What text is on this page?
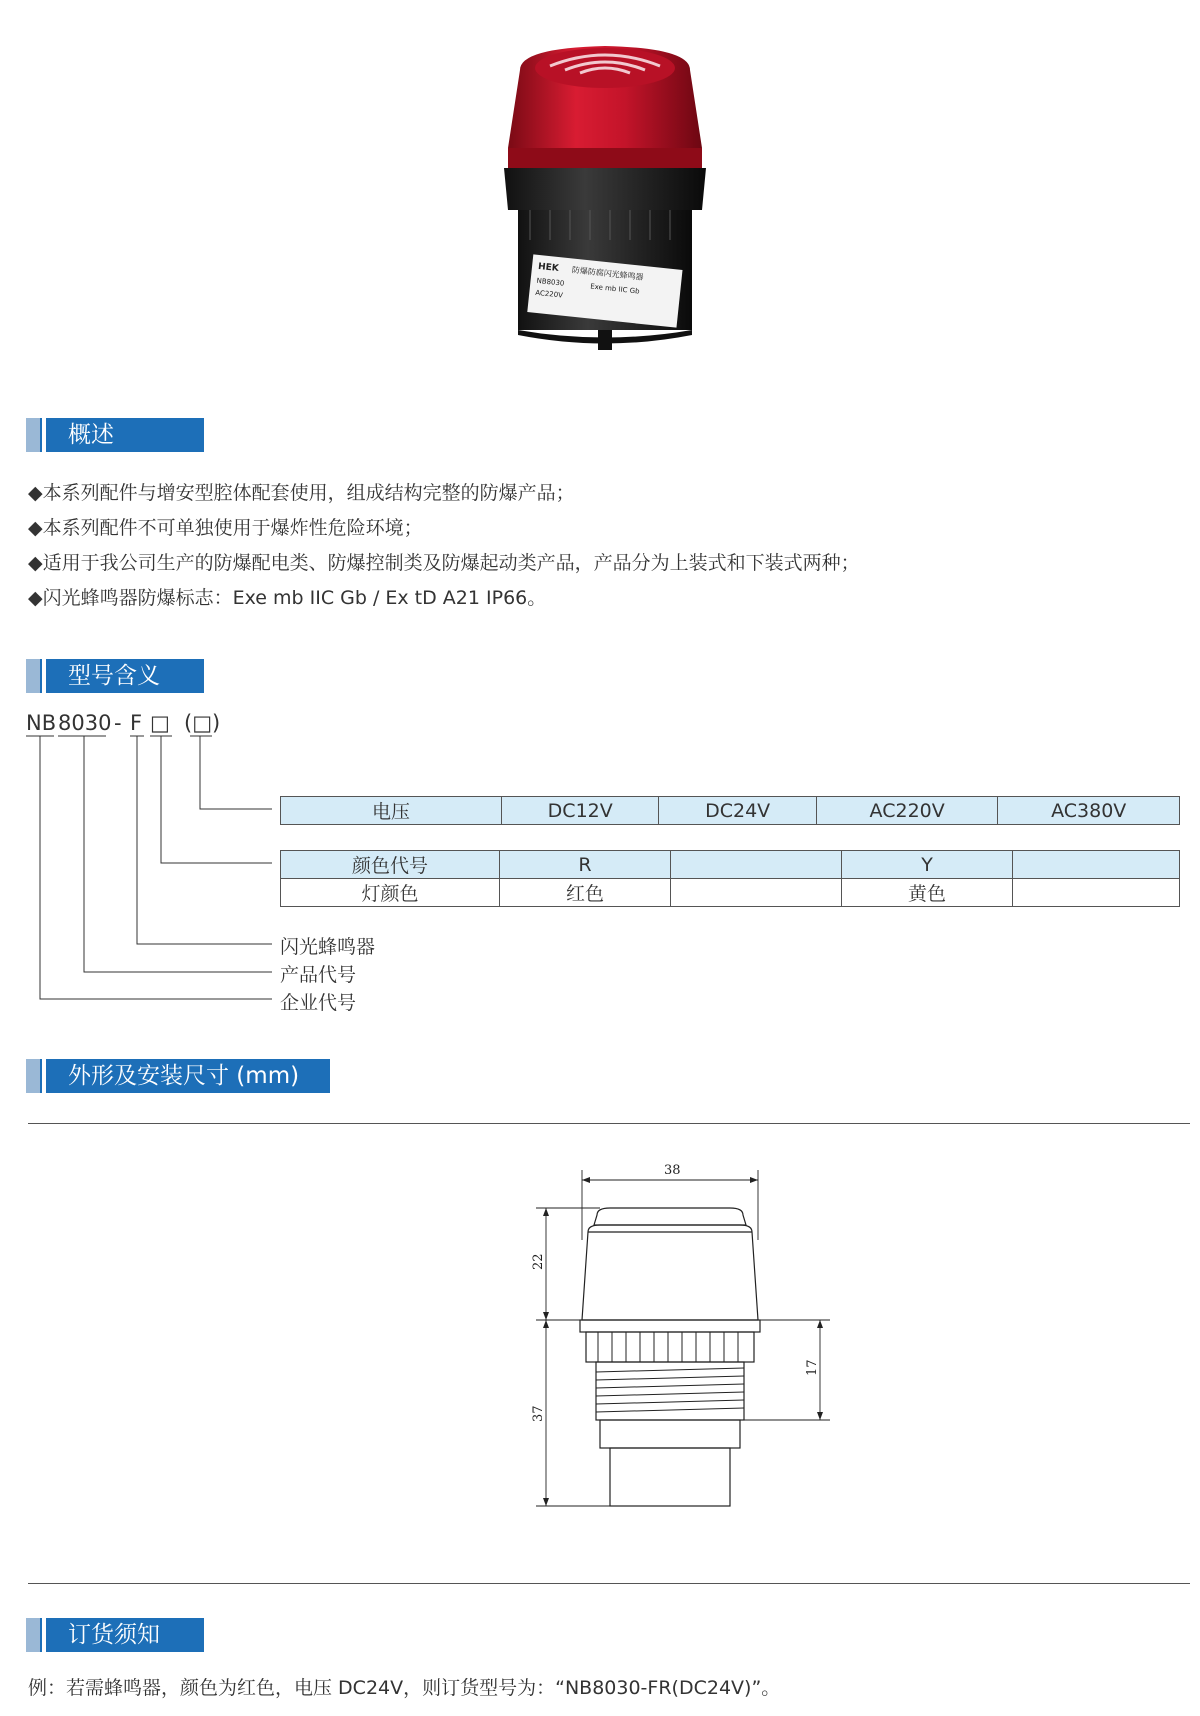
HEK 防爆防腐闪光蜂鸣器
NB8030
Exe mb IIC Gb
AC220V
概述
◆本系列配件与增安型腔体配套使用，组成结构完整的防爆产品；
◆本系列配件不可单独使用于爆炸性危险环境；
◆适用于我公司生产的防爆配电类、防爆控制类及防爆起动类产品，产品分为上装式和下装式两种；
◆闪光蜂鸣器防爆标志：Exe mb IIC Gb / Ex tD A21 IP66。
型号含义
NB 8030 - F □ (□)
电压	DC12V	DC24V	AC220V	AC380V
颜色代号	R		Y	
灯颜色	红色		黄色	
闪光蜂鸣器
产品代号
企业代号
外形及安装尺寸 (mm)
38
22
37
17
订货须知
例：若需蜂鸣器，颜色为红色，电压 DC24V，则订货型号为：“NB8030-FR(DC24V)”。
